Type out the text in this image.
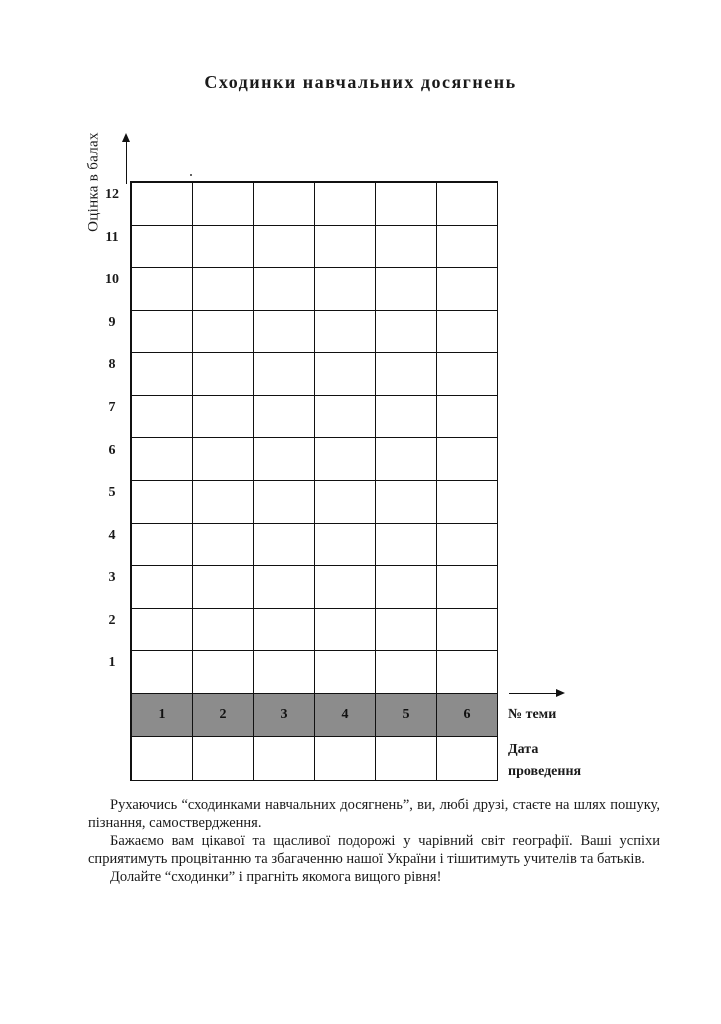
Сходинки навчальних досягнень
Оцінка в балах 12
11
10
9
8
7
6
5
4
3
2
1
1	2	3	4	5	6	№ теми
Дата
проведення

Рухаючись “сходинками навчальних досягнень”, ви, любі друзі, стаєте на шлях пошуку, пізнання, самоствердження.

Бажаємо вам цікавої та щасливої подорожі у чарівний світ географії. Ваші успіхи сприятимуть процвітанню та збагаченню нашої України і тішитимуть учителів та батьків.

Долайте “сходинки” і прагніть якомога вищого рівня!
